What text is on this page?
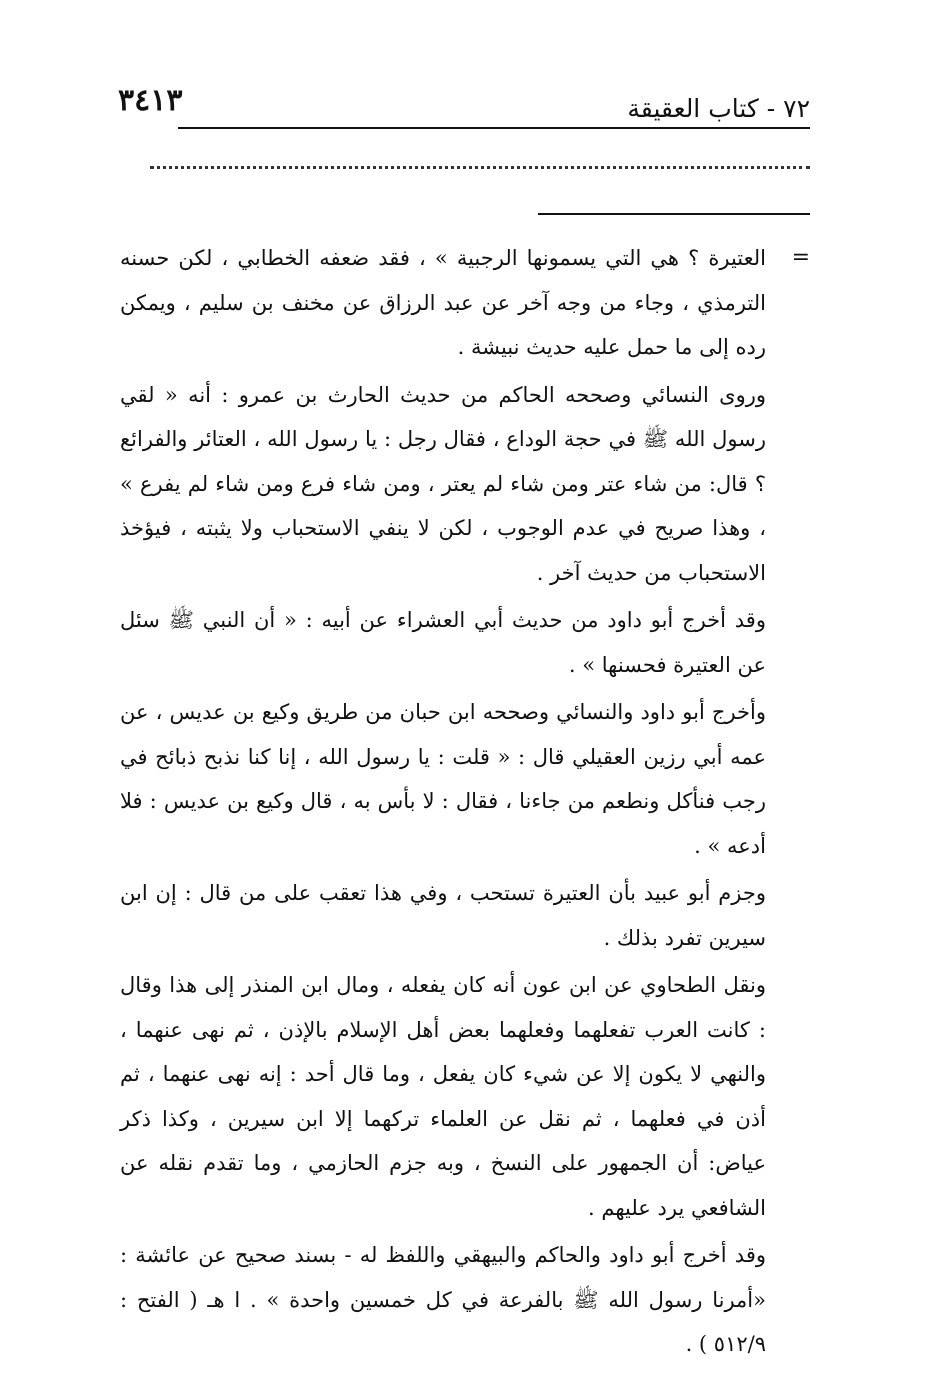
٧٢ - كتاب العقيقة
٣٤١٣

=
العتيرة ؟ هي التي يسمونها الرجبية » ، فقد ضعفه الخطابي ، لكن حسنه الترمذي ، وجاء من وجه آخر عن عبد الرزاق عن مخنف بن سليم ، ويمكن رده إلى ما حمل عليه حديث نبيشة .

وروى النسائي وصححه الحاكم من حديث الحارث بن عمرو : أنه « لقي رسول الله ﷺ في حجة الوداع ، فقال رجل : يا رسول الله ، العتائر والفرائع ؟ قال: من شاء عتر ومن شاء لم يعتر ، ومن شاء فرع ومن شاء لم يفرع » ، وهذا صريح في عدم الوجوب ، لكن لا ينفي الاستحباب ولا يثبته ، فيؤخذ الاستحباب من حديث آخر .

وقد أخرج أبو داود من حديث أبي العشراء عن أبيه : « أن النبي ﷺ سئل عن العتيرة فحسنها » .

وأخرج أبو داود والنسائي وصححه ابن حبان من طريق وكيع بن عديس ، عن عمه أبي رزين العقيلي قال : « قلت : يا رسول الله ، إنا كنا نذبح ذبائح في رجب فنأكل ونطعم من جاءنا ، فقال : لا بأس به ، قال وكيع بن عديس : فلا أدعه » .

وجزم أبو عبيد بأن العتيرة تستحب ، وفي هذا تعقب على من قال : إن ابن سيرين تفرد بذلك .

ونقل الطحاوي عن ابن عون أنه كان يفعله ، ومال ابن المنذر إلى هذا وقال : كانت العرب تفعلهما وفعلهما بعض أهل الإسلام بالإذن ، ثم نهى عنهما ، والنهي لا يكون إلا عن شيء كان يفعل ، وما قال أحد : إنه نهى عنهما ، ثم أذن في فعلهما ، ثم نقل عن العلماء تركهما إلا ابن سيرين ، وكذا ذكر عياض: أن الجمهور على النسخ ، وبه جزم الحازمي ، وما تقدم نقله عن الشافعي يرد عليهم .

وقد أخرج أبو داود والحاكم والبيهقي واللفظ له - بسند صحيح عن عائشة : «أمرنا رسول الله ﷺ بالفرعة في كل خمسين واحدة » . ا هـ ( الفتح : ٥١٢/٩ ) .
